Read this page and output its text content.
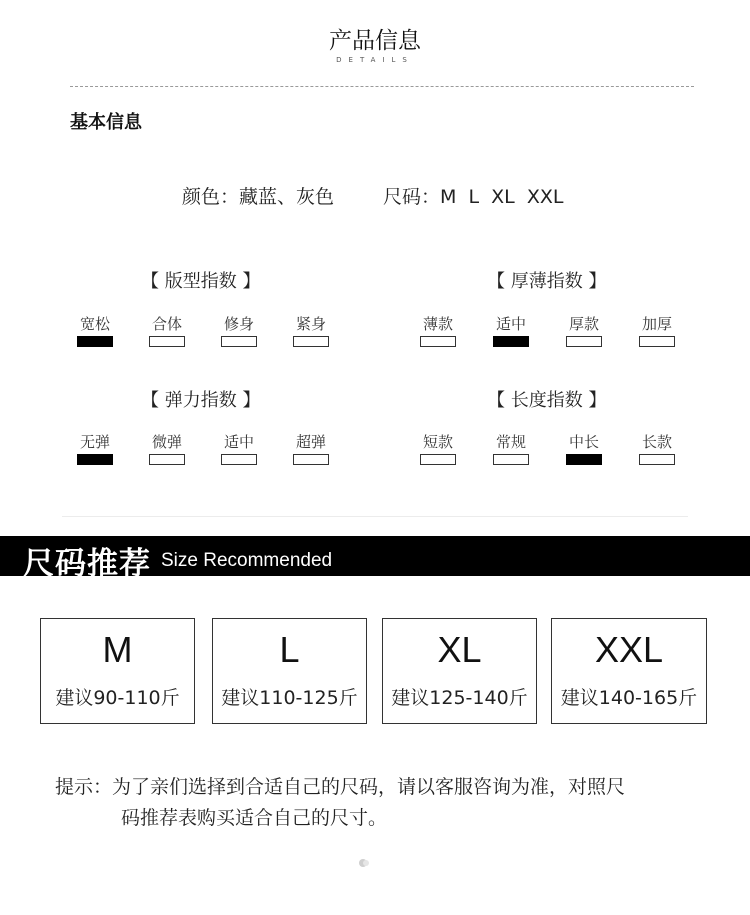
产品信息
DETAILS
基本信息
颜色：藏蓝、灰色	尺码：M  L  XL  XXL
【 版型指数 】	【 厚薄指数 】
【 弹力指数 】	【 长度指数 】
宽松	合体	修身	紧身	薄款	适中	厚款	加厚
无弹	微弹	适中	超弹	短款	常规	中长	长款
尺码推荐 Size Recommended
M
建议90-110斤
L
建议110-125斤
XL
建议125-140斤
XXL
建议140-165斤
提示：为了亲们选择到合适自己的尺码，请以客服咨询为准，对照尺
码推荐表购买适合自己的尺寸。
